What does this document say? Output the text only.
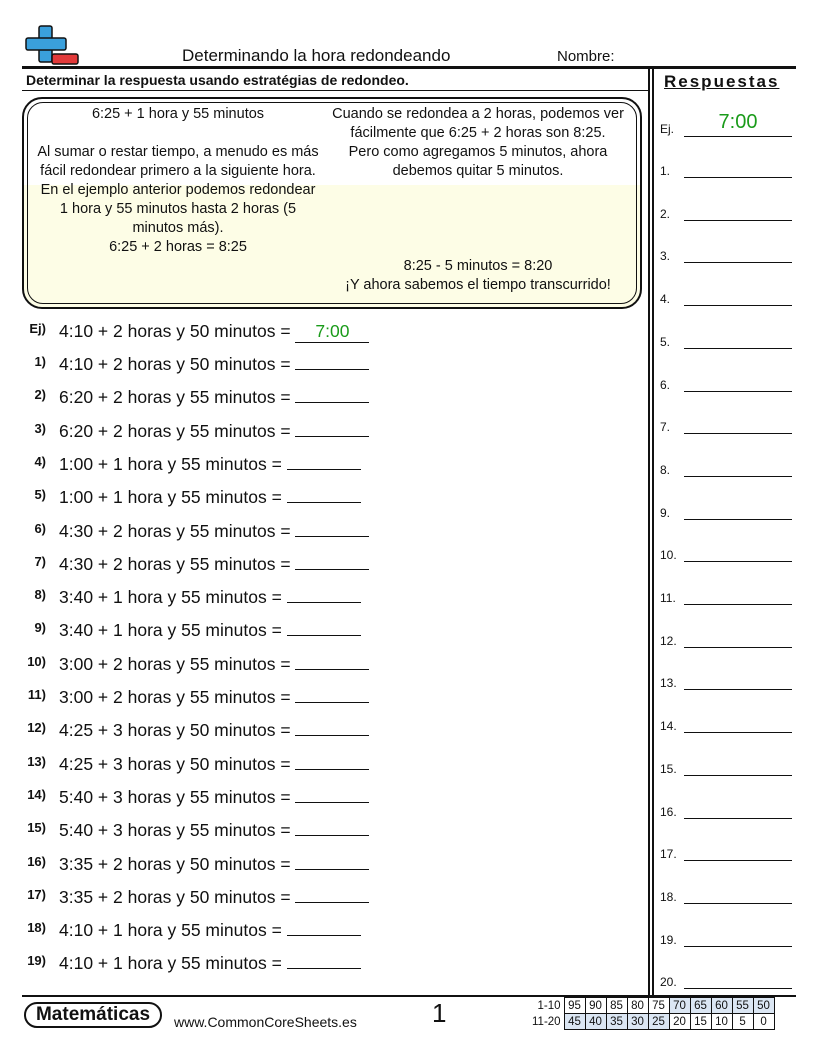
Determinando la hora redondeando	Nombre:
Determinar la respuesta usando estratégias de redondeo.
6:25 + 1 hora y 55 minutos
Al sumar o restar tiempo, a menudo es más fácil redondear primero a la siguiente hora.
En el ejemplo anterior podemos redondear 1 hora y 55 minutos hasta 2 horas (5 minutos más).
6:25 + 2 horas = 8:25
Cuando se redondea a 2 horas, podemos ver fácilmente que 6:25 + 2 horas son 8:25.
Pero como agregamos 5 minutos, ahora debemos quitar 5 minutos.
8:25 - 5 minutos = 8:20
¡Y ahora sabemos el tiempo transcurrido!
Ej) 4:10 + 2 horas y 50 minutos = 7:00
1) 4:10 + 2 horas y 50 minutos =
2) 6:20 + 2 horas y 55 minutos =
3) 6:20 + 2 horas y 55 minutos =
4) 1:00 + 1 hora y 55 minutos =
5) 1:00 + 1 hora y 55 minutos =
6) 4:30 + 2 horas y 55 minutos =
7) 4:30 + 2 horas y 55 minutos =
8) 3:40 + 1 hora y 55 minutos =
9) 3:40 + 1 hora y 55 minutos =
10) 3:00 + 2 horas y 55 minutos =
11) 3:00 + 2 horas y 55 minutos =
12) 4:25 + 3 horas y 50 minutos =
13) 4:25 + 3 horas y 50 minutos =
14) 5:40 + 3 horas y 55 minutos =
15) 5:40 + 3 horas y 55 minutos =
16) 3:35 + 2 horas y 50 minutos =
17) 3:35 + 2 horas y 50 minutos =
18) 4:10 + 1 hora y 55 minutos =
19) 4:10 + 1 hora y 55 minutos =
Respuestas
Ej.	7:00
1.
2.
3.
4.
5.
6.
7.
8.
9.
10.
11.
12.
13.
14.
15.
16.
17.
18.
19.
20.
Matemáticas	www.CommonCoreSheets.es	1	1-10	95	90	85	80	75	70	65	60	55	50
11-20	45	40	35	30	25	20	15	10	5	0
